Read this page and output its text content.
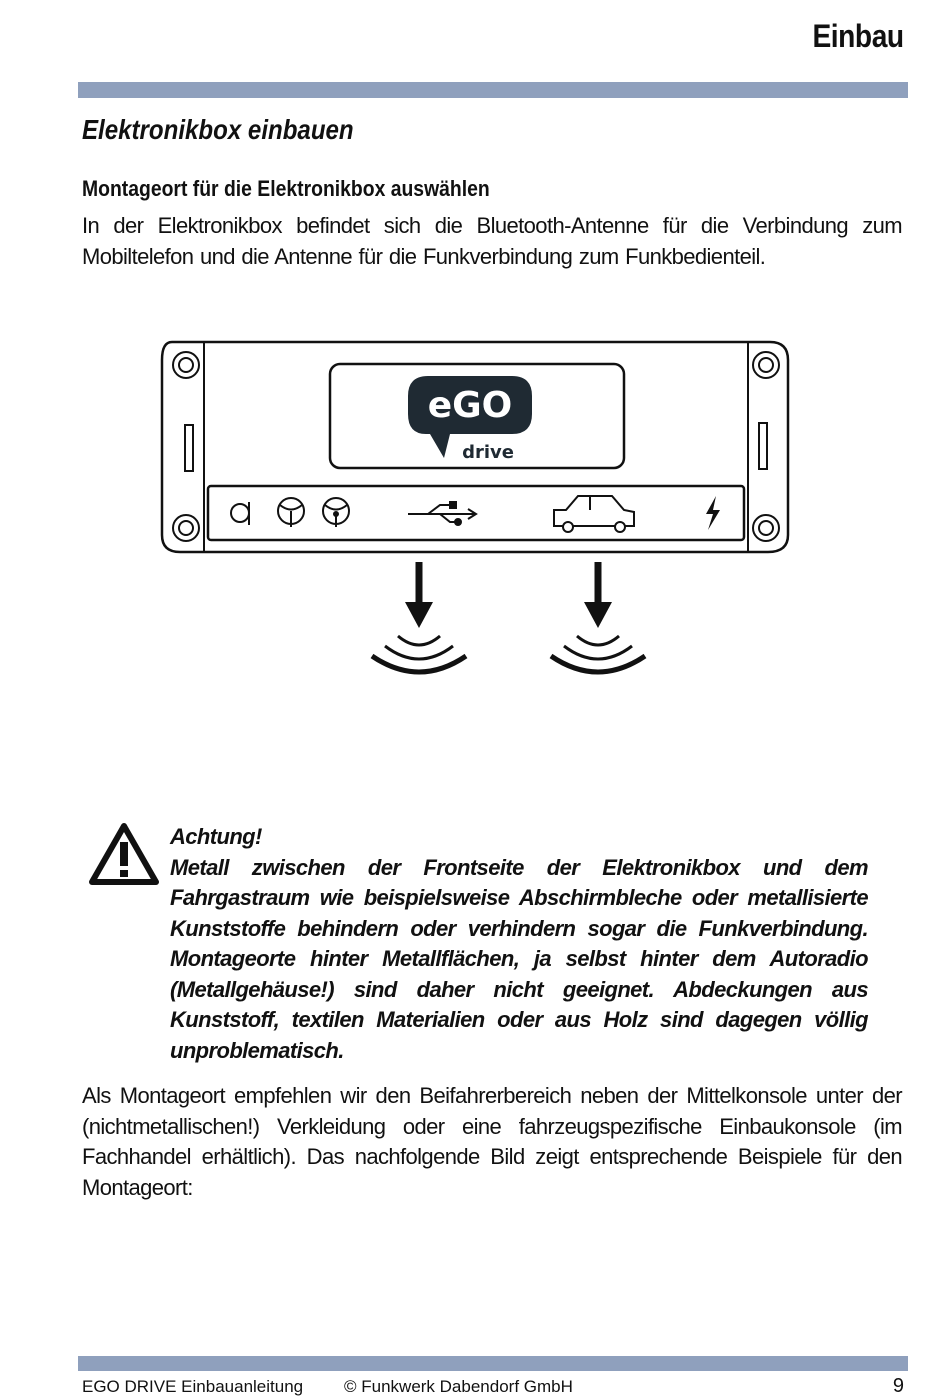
Einbau
Elektronikbox einbauen
Montageort für die Elektronikbox auswählen
In der Elektronikbox befindet sich die Bluetooth-Antenne für die Verbindung zum Mobiltelefon und die Antenne für die Funkverbindung zum Funkbedienteil.
eGO
drive

Achtung!

Metall zwischen der Frontseite der Elektronikbox und dem Fahrgastraum wie beispielsweise Abschirmbleche oder metallisierte Kunststoffe behindern oder verhindern sogar die Funkverbindung. Montageorte hinter Metallflächen, ja selbst hinter dem Autoradio (Metallgehäuse!) sind daher nicht geeignet. Abdeckungen aus Kunststoff, textilen Materialien oder aus Holz sind dagegen völlig unproblematisch.

Als Montageort empfehlen wir den Beifahrerbereich neben der Mittelkonsole unter der (nichtmetallischen!) Verkleidung oder eine fahrzeugspezifische Einbaukonsole (im Fachhandel erhältlich). Das nachfolgende Bild zeigt entsprechende Beispiele für den Montageort:
EGO DRIVE Einbauanleitung © Funkwerk Dabendorf GmbH	9
